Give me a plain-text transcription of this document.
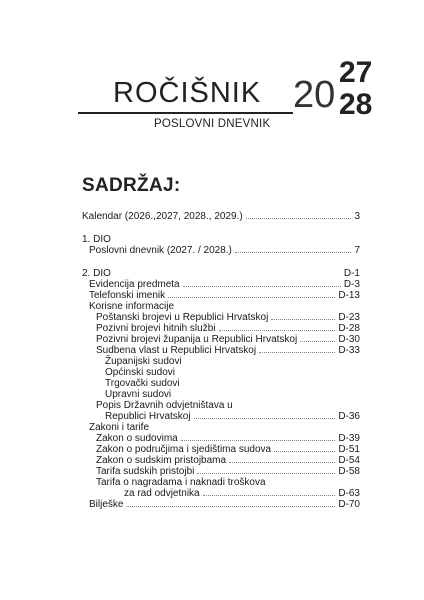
ROČIŠNIK
POSLOVNI DNEVNIK
20
27
28
SADRŽAJ:
Kalendar (2026.,2027, 2028., 2029.)	3
1. DIO
Poslovni dnevnik (2027. / 2028.)	7
2. DIO	D-1
Evidencija predmeta	D-3
Telefonski imenik	D-13
Korisne informacije
Poštanski brojevi u Republici Hrvatskoj	D-23
Pozivni brojevi hitnih službi	D-28
Pozivni brojevi županija u Republici Hrvatskoj	D-30
Sudbena vlast u Republici Hrvatskoj	D-33
Županijski sudovi
Općinski sudovi
Trgovački sudovi
Upravni sudovi
Popis Državnih odvjetništava u
Republici Hrvatskoj	D-36
Zakoni i tarife
Zakon o sudovima	D-39
Zakon o područjima i sjedištima sudova	D-51
Zakon o sudskim pristojbama	D-54
Tarifa sudskih pristojbi	D-58
Tarifa o nagradama i naknadi troškova
za rad odvjetnika	D-63
Bilješke	D-70
